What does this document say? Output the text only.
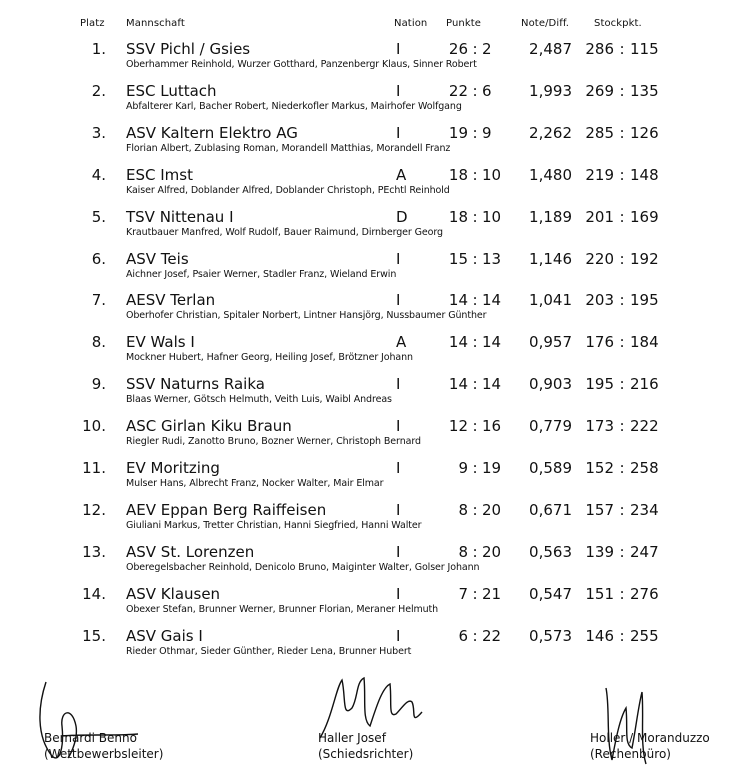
Platz Mannschaft	Nation Punkte	Note/Diff. Stockpkt.
1. SSV Pichl / Gsies	I	26 : 2	2,487 286 : 115
Oberhammer Reinhold, Wurzer Gotthard, Panzenbergr Klaus, Sinner Robert
2. ESC Luttach	I	22 : 6	1,993 269 : 135
Abfalterer Karl, Bacher Robert, Niederkofler Markus, Mairhofer Wolfgang
3. ASV Kaltern Elektro AG	I	19 : 9	2,262 285 : 126
Florian Albert, Zublasing Roman, Morandell Matthias, Morandell Franz
4. ESC Imst	A	18 : 10	1,480 219 : 148
Kaiser Alfred, Doblander Alfred, Doblander Christoph, PEchtl Reinhold
5. TSV Nittenau I	D	18 : 10	1,189 201 : 169
Krautbauer Manfred, Wolf Rudolf, Bauer Raimund, Dirnberger Georg
6. ASV Teis	I	15 : 13	1,146 220 : 192
Aichner Josef, Psaier Werner, Stadler Franz, Wieland Erwin
7. AESV Terlan	I	14 : 14	1,041 203 : 195
Oberhofer Christian, Spitaler Norbert, Lintner Hansjörg, Nussbaumer Günther
8. EV Wals I	A	14 : 14	0,957 176 : 184
Mockner Hubert, Hafner Georg, Heiling Josef, Brötzner Johann
9. SSV Naturns Raika	I	14 : 14	0,903 195 : 216
Blaas Werner, Götsch Helmuth, Veith Luis, Waibl Andreas
10. ASC Girlan Kiku Braun	I	12 : 16	0,779 173 : 222
Riegler Rudi, Zanotto Bruno, Bozner Werner, Christoph Bernard
11. EV Moritzing	I	9 : 19	0,589 152 : 258
Mulser Hans, Albrecht Franz, Nocker Walter, Mair Elmar
12. AEV Eppan Berg Raiffeisen	I	8 : 20	0,671 157 : 234
Giuliani Markus, Tretter Christian, Hanni Siegfried, Hanni Walter
13. ASV St. Lorenzen	I	8 : 20	0,563 139 : 247
Oberegelsbacher Reinhold, Denicolo Bruno, Maiginter Walter, Golser Johann
14. ASV Klausen	I	7 : 21	0,547 151 : 276
Obexer Stefan, Brunner Werner, Brunner Florian, Meraner Helmuth
15. ASV Gais I	I	6 : 22	0,573 146 : 255
Rieder Othmar, Sieder Günther, Rieder Lena, Brunner Hubert
Bernardi Benno
(Wettbewerbsleiter)
Haller Josef
(Schiedsrichter)
Holler / Moranduzzo
(Rechenbüro)
